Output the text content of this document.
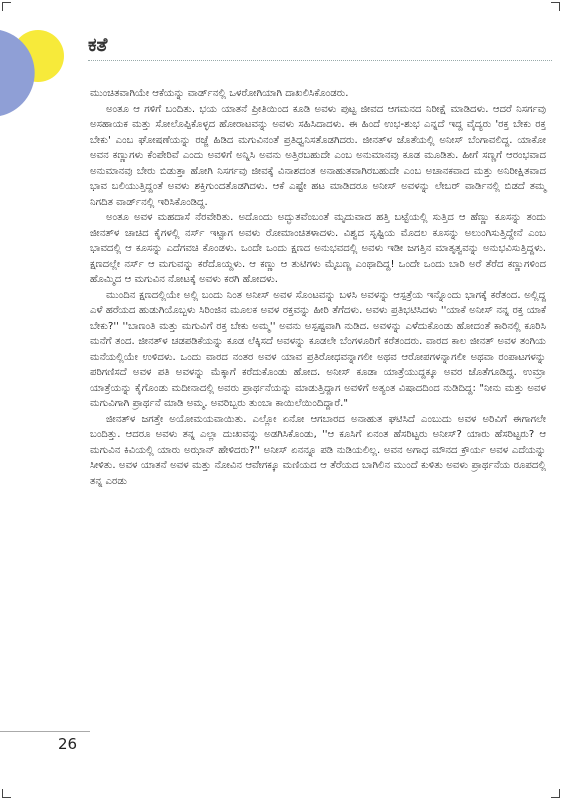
ಕತೆ

ಮುಂಚಿತವಾಗಿಯೇ ಆಕೆಯನ್ನು ವಾರ್ಡ್‌ನಲ್ಲಿ ಒಳರೋಗಿಯಾಗಿ ದಾಖಲಿಸಿಕೊಂಡರು.

ಅಂತೂ ಆ ಗಳಿಗೆ ಬಂದಿತು. ಭಯ ಯಾತನೆ ಪ್ರೀತಿಯಿಂದ ಕೂಡಿ ಅವಳು ಪುಟ್ಟ ಜೀವದ ಆಗಮನದ ನಿರೀಕ್ಷೆ ಮಾಡಿದಳು. ಆದರೆ ನಿಸರ್ಗವು ಅಸಹಾಯಕ ಮತ್ತು ಸೋಲೊಪ್ಪಿಕೊಳ್ಳದ ಹೋರಾಟವನ್ನು ಅವಳು ಸಹಿಸಿದಾದಳು. ಈ ಹಿಂದೆ ಉಭ-ಶುಭ ಎನ್ನದೆ ಇದ್ದ ವೈದ್ಯರು 'ರಕ್ತ ಬೇಕು ರಕ್ತ ಬೇಕು' ಎಂಬ ಘೋಷಣೆಯನ್ನು ರಜ್ಜೆ ಹಿಡಿದ ಮಗುವಿನಂತೆ ಪ್ರತಿಧ್ವನಿಸತೊಡಗಿದರು. ಜೀನತ್‌ಳ ಜೊತೆಯಲ್ಲಿ ಅನೀಸ್ ಬೆಂಗಾವಲಿದ್ದ. ಯಾಕೋ ಅವನ ಕಣ್ಣುಗಳು ಕೆಂಪೇರಿವೆ ಎಂದು ಅವಳಿಗೆ ಅನ್ನಿಸಿ ಅವನು ಅತ್ತಿರಬಹುದೇ ಎಂಬ ಅನುಮಾನವು ಕೂಡ ಮೂಡಿತು. ಹೀಗೆ ಸಣ್ಣಗೆ ಆರಂಭವಾದ ಅನುಮಾನವು ಬೇರು ಬಿಡುತ್ತಾ ಹೋಗಿ ನಿಸರ್ಗವು ಜೀವಕ್ಕೆ ವಿನಾಶದಂತ ಅನಾಹುತವಾಗಿರಬಹುದೇ ಎಂಬ ಅಚಾನಕವಾದ ಮತ್ತು ಅನಿರೀಕ್ಷಿತವಾದ ಭಾವ ಬಲಿಯುತ್ತಿದ್ದಂತೆ ಅವಳು ಶಕ್ತಿಗುಂದತೊಡಗಿದಳು. ಆಕೆ ಎಷ್ಟೇ ಹಟ ಮಾಡಿದರೂ ಅನೀಸ್ ಅವಳನ್ನು ಲೇಬರ್ ವಾರ್ಡಿನಲ್ಲಿ ಬಿಡದೆ ತಮ್ಮ ನಿಗದಿತ ವಾರ್ಡ್‌ನಲ್ಲಿ ಇರಿಸಿಕೊಂಡಿದ್ದ.

ಅಂತೂ ಅವಳ ಮಹದಾಸೆ ನೆರವೇರಿತು. ಅದೊಂದು ಅದ್ಭುತವೆಂಬಂತೆ ಮೃದುವಾದ ಹತ್ತಿ ಬಟ್ಟೆಯಲ್ಲಿ ಸುತ್ತಿದ ಆ ಹೆಣ್ಣು ಕೂಸನ್ನು ತಂದು ಜೀನತ್‌ಳ ಚಾಚಿದ ಕೈಗಳಲ್ಲಿ ನರ್ಸ್ ಇಟ್ಟಾಗ ಅವಳು ರೋಮಾಂಚಿತಳಾದಳು. ವಿಶ್ವದ ಸೃಷ್ಟಿಯ ಮೊದಲ ಕೂಸನ್ನು ಅಲುಂಗಿಸುತ್ತಿದ್ದೇನೆ ಎಂಬ ಭಾವದಲ್ಲಿ ಆ ಕೂಸನ್ನು ಎದೆಗವಚಿ ಕೊಂಡಳು. ಒಂದೇ ಒಂದು ಕ್ಷಣದ ಅನುಭವದಲ್ಲಿ ಅವಳು ಇಡೀ ಜಗತ್ತಿನ ಮಾತೃತ್ವವನ್ನು ಅನುಭವಿಸುತ್ತಿದ್ದಳು. ಕ್ಷಣದಲ್ಲೇ ನರ್ಸ್ ಆ ಮಗುವನ್ನು ಕರೆದೊಯ್ದಳು. ಆ ಕಣ್ಣು ಆ ತುಟಿಗಳು ಮೈಬಣ್ಣ ಎಂಥಾದಿದ್ದ! ಒಂದೇ ಒಂದು ಬಾರಿ ಅರೆ ತೆರೆದ ಕಣ್ಣುಗಳಿಂದ ಹೊಮ್ಮಿದ ಆ ಮಗುವಿನ ನೋಟಕ್ಕೆ ಅವಳು ಕರಗಿ ಹೋದಳು.

ಮುಂದಿನ ಕ್ಷಣದಲ್ಲಿಯೇ ಅಲ್ಲಿ ಬಂದು ನಿಂತ ಅನೀಸ್ ಅವಳ ಸೊಂಟವನ್ನು ಬಳಸಿ ಅವಳನ್ನು ಆಸ್ಪತ್ರೆಯ ಇನ್ನೊಂದು ಭಾಗಕ್ಕೆ ಕರೆತಂದ. ಅಲ್ಲಿದ್ದ ಎಳೆ ಹರೆಯದ ಹುಡುಗಿಯೊಬ್ಬಳು ಸಿರಿಂಜಿನ ಮೂಲಕ ಅವಳ ರಕ್ತವನ್ನು ಹೀರಿ ತೆಗೆದಳು. ಅವಳು ಪ್ರತಿಭಟಿಸಿದಳು ''ಯಾಕೆ ಅನೀಸ್ ನನ್ನ ರಕ್ತ ಯಾಕೆ ಬೇಕು?'' ''ಬಾಣಂತಿ ಮತ್ತು ಮಗುವಿಗೆ ರಕ್ತ ಬೇಕು ಅಮ್ಮ'' ಅವನು ಅಸ್ಪಷ್ಟವಾಗಿ ನುಡಿದ. ಅವಳನ್ನು ಎಳೆದುಕೊಂಡು ಹೋದಂತೆ ಕಾರಿನಲ್ಲಿ ಕೂರಿಸಿ ಮನೆಗೆ ತಂದ. ಜೀನತ್‌ಳ ಚಡಪಡಿಕೆಯನ್ನು ಕೂಡ ಲೆಕ್ಕಿಸದೆ ಅವಳನ್ನು ಕೂಡಲೇ ಬೆಂಗಳೂರಿಗೆ ಕರೆತಂದರು. ವಾರದ ಕಾಲ ಜೀನತ್ ಅವಳ ತಂಗಿಯ ಮನೆಯಲ್ಲಿಯೇ ಉಳಿದಳು. ಒಂದು ವಾರದ ನಂತರ ಅವಳ ಯಾವ ಪ್ರತಿರೋಧವನ್ನಾಗಲೀ ಅಥವ ಆರೋಪಗಳನ್ನಾಗಲೀ ಅಥವಾ ರಂಪಾಟಗಳನ್ನು ಪರಿಗಣಿಸದೆ ಅವಳ ಪತಿ ಅವಳನ್ನು ಮೆಕ್ಕಾಗೆ ಕರೆದುಕೊಂಡು ಹೋದ. ಅನೀಸ್ ಕೂಡಾ ಯಾತ್ರೆಯುದ್ದಕ್ಕೂ ಅವರ ಜೊತೆಗೂಡಿದ್ದ. ಉಮ್ರಾ ಯಾತ್ರೆಯನ್ನು ಕೈಗೊಂಡು ಮದೀನಾದಲ್ಲಿ ಅವರು ಪ್ರಾರ್ಥನೆಯನ್ನು ಮಾಡುತ್ತಿದ್ದಾಗ ಅವಳಿಗೆ ಅತ್ಯಂತ ವಿಷಾದದಿಂದ ನುಡಿದಿದ್ದ: "ನೀನು ಮತ್ತು ಅವಳ ಮಗುವಿಗಾಗಿ ಪ್ರಾರ್ಥನೆ ಮಾಡಿ ಅಮ್ಮ. ಅವರಿಬ್ಬರು ತುಂಬಾ ಕಾಯಿಲೆಯಿಂದಿದ್ದಾರೆ."

ಜೀನತ್‌ಳ ಜಗತ್ತೇ ಅಯೋಮಯವಾಯಿತು. ಎಲ್ಲೋ ಏನೋ ಆಗಬಾರದ ಅನಾಹುತ ಘಟಿಸಿದೆ ಎಂಬುದು ಅವಳ ಅರಿವಿಗೆ ಈಗಾಗಲೇ ಬಂದಿತ್ತು. ಆದರೂ ಅವಳು ತನ್ನ ಎಲ್ಲಾ ದುಃಖವನ್ನು ಅಡಗಿಸಿಕೊಂಡು, ''ಆ ಕೂಸಿಗೆ ಏನಂತ ಹೆಸರಿಟ್ಟರು ಅನೀಸ್? ಯಾರು ಹೆಸರಿಟ್ಟರು? ಆ ಮಗುವಿನ ಕಿವಿಯಲ್ಲಿ ಯಾರು ಅಝಾನ್ ಹೇಳಿದರು?'' ಅನೀಸ್ ಏನನ್ನೂ ಪಡಿ ನುಡಿಯಲಿಲ್ಲ. ಅವನ ಅಗಾಧ ಮೌನದ ಕ್ರೌರ್ಯ ಅವಳ ಎದೆಯನ್ನು ಸೀಳಿತು. ಅವಳ ಯಾತನೆ ಅವಳ ಮತ್ತು ನೋವಿನ ಆವೇಗಕ್ಕೂ ಮಣಿಯದ ಆ ತೆರೆಯದ ಬಾಗಿಲಿನ ಮುಂದೆ ಕುಳಿತು ಅವಳು ಪ್ರಾರ್ಥನೆಯ ರೂಪದಲ್ಲಿ ತನ್ನ ಎರಡು

26
